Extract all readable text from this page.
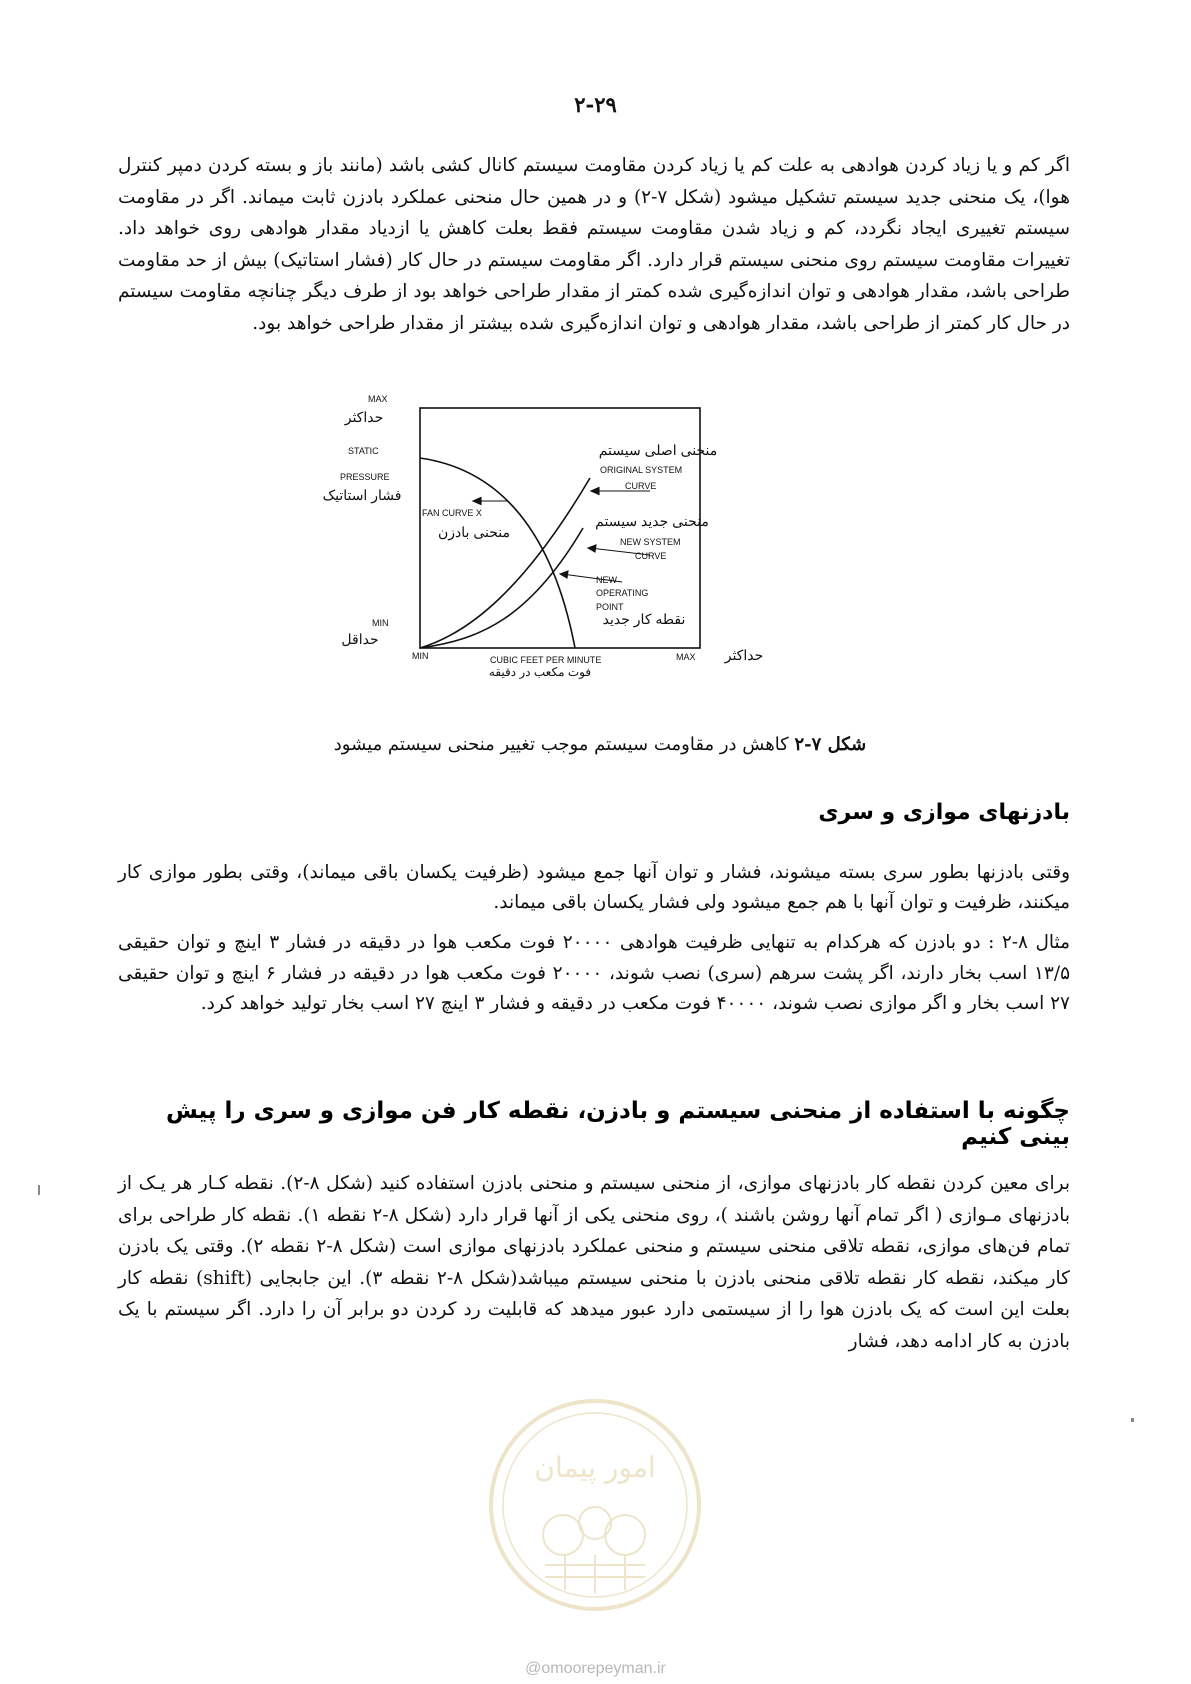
۲-۲۹

اگر کم و یا زیاد کردن هوادهی به علت کم یا زیاد کردن مقاومت سیستم کانال کشی باشد (مانند باز و بسته کردن دمپر کنترل هوا)، یک منحنی جدید سیستم تشکیل میشود (شکل ۷-۲) و در همین حال منحنی عملکرد بادزن ثابت میماند. اگر در مقاومت سیستم تغییری ایجاد نگردد، کم و زیاد شدن مقاومت سیستم فقط بعلت کاهش یا ازدیاد مقدار هوادهی روی خواهد داد. تغییرات مقاومت سیستم روی منحنی سیستم قرار دارد. اگر مقاومت سیستم در حال کار (فشار استاتیک) بیش از حد مقاومت طراحی باشد، مقدار هوادهی و توان اندازه‌گیری شده کمتر از مقدار طراحی خواهد بود از طرف دیگر چنانچه مقاومت سیستم در حال کار کمتر از طراحی باشد، مقدار هوادهی و توان اندازه‌گیری شده بیشتر از مقدار طراحی خواهد بود.

MAX
حداکثر
STATIC
PRESSURE
فشار استاتیک
MIN
حداقل
MIN	CUBIC FEET PER MINUTE
فوت مکعب در دقیقه
MAX حداکثر
FAN CURVE X
منحنی بادزن
منحنی اصلی سیستم
ORIGINAL SYSTEM
CURVE
منحنی جدید سیستم
NEW SYSTEM
CURVE
NEW
OPERATING
POINT
نقطه کار جدید
شکل ۷-۲ کاهش در مقاومت سیستم موجب تغییر منحنی سیستم میشود
بادزنهای موازی و سری

وقتی بادزنها بطور سری بسته میشوند، فشار و توان آنها جمع میشود (ظرفیت یکسان باقی میماند)، وقتی بطور موازی کار میکنند، ظرفیت و توان آنها با هم جمع میشود ولی فشار یکسان باقی میماند.

مثال ۸-۲ : دو بادزن که هرکدام به تنهایی ظرفیت هوادهی ۲۰۰۰۰ فوت مکعب هوا در دقیقه در فشار ۳ اینچ و توان حقیقی ۱۳/۵ اسب بخار دارند، اگر پشت سرهم (سری) نصب شوند، ۲۰۰۰۰ فوت مکعب هوا در دقیقه در فشار ۶ اینچ و توان حقیقی ۲۷ اسب بخار و اگر موازی نصب شوند، ۴۰۰۰۰ فوت مکعب در دقیقه و فشار ۳ اینچ ۲۷ اسب بخار تولید خواهد کرد.

چگونه با استفاده از منحنی سیستم و بادزن، نقطه کار فن موازی و سری را پیش بینی کنیم

برای معین کردن نقطه کار بادزنهای موازی، از منحنی سیستم و منحنی بادزن استفاده کنید (شکل ۸-۲). نقطه کـار هر یـک از بادزنهای مـوازی ( اگر تمام آنها روشن باشند )، روی منحنی یکی از آنها قرار دارد (شکل ۸-۲ نقطه ۱). نقطه کار طراحی برای تمام فن‌های موازی، نقطه تلاقی منحنی سیستم و منحنی عملکرد بادزنهای موازی است (شکل ۸-۲ نقطه ۲). وقتی یک بادزن کار میکند، نقطه کار نقطه تلاقی منحنی بادزن با منحنی سیستم میباشد(شکل ۸-۲ نقطه ۳). این جابجایی (shift) نقطه کار بعلت این است که یک بادزن هوا را از سیستمی دارد عبور میدهد که قابلیت رد کردن دو برابر آن را دارد. اگر سیستم با یک بادزن به کار ادامه دهد، فشار

امور پیمان
@omoorepeyman.ir
